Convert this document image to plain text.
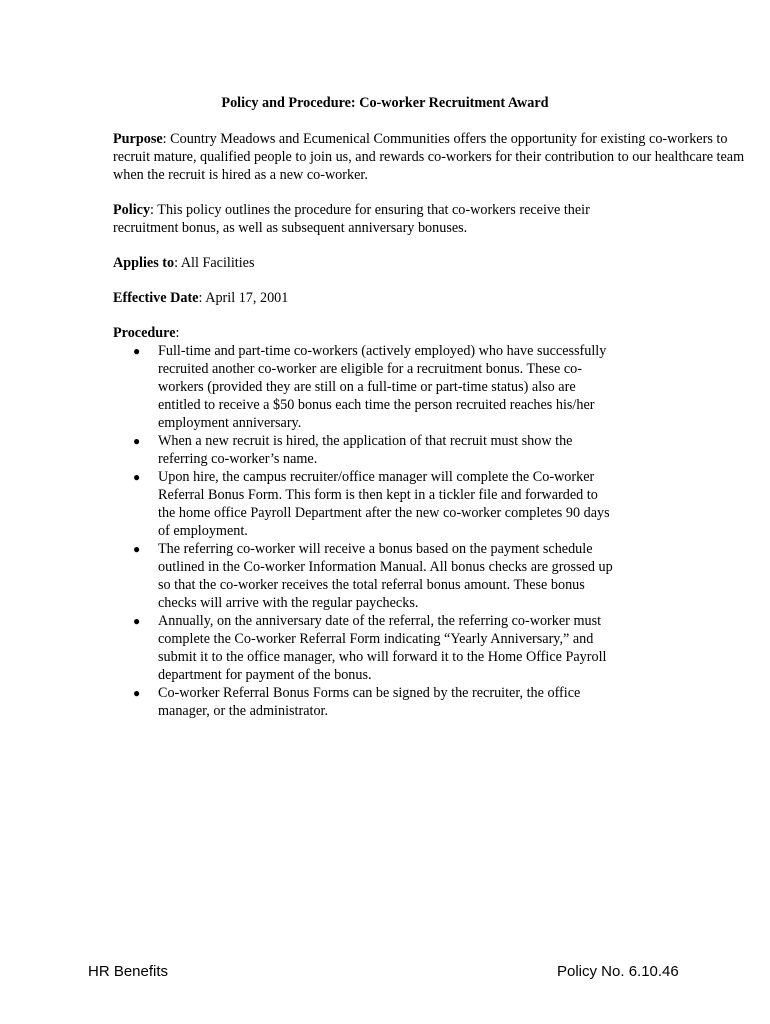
Policy and Procedure: Co-worker Recruitment Award

Purpose: Country Meadows and Ecumenical Communities offers the opportunity for existing co-workers to recruit mature, qualified people to join us, and rewards co-workers for their contribution to our healthcare team when the recruit is hired as a new co-worker.

Policy: This policy outlines the procedure for ensuring that co-workers receive their recruitment bonus, as well as subsequent anniversary bonuses.

Applies to: All Facilities

Effective Date: April 17, 2001

Procedure:
● Full-time and part-time co-workers (actively employed) who have successfully recruited another co-worker are eligible for a recruitment bonus. These co-workers (provided they are still on a full-time or part-time status) also are entitled to receive a $50 bonus each time the person recruited reaches his/her employment anniversary.
● When a new recruit is hired, the application of that recruit must show the referring co-worker’s name.
● Upon hire, the campus recruiter/office manager will complete the Co-worker Referral Bonus Form. This form is then kept in a tickler file and forwarded to the home office Payroll Department after the new co-worker completes 90 days of employment.
● The referring co-worker will receive a bonus based on the payment schedule outlined in the Co-worker Information Manual. All bonus checks are grossed up so that the co-worker receives the total referral bonus amount. These bonus checks will arrive with the regular paychecks.
● Annually, on the anniversary date of the referral, the referring co-worker must complete the Co-worker Referral Form indicating “Yearly Anniversary,” and submit it to the office manager, who will forward it to the Home Office Payroll department for payment of the bonus.
● Co-worker Referral Bonus Forms can be signed by the recruiter, the office manager, or the administrator.
HR Benefits	Policy No. 6.10.46
